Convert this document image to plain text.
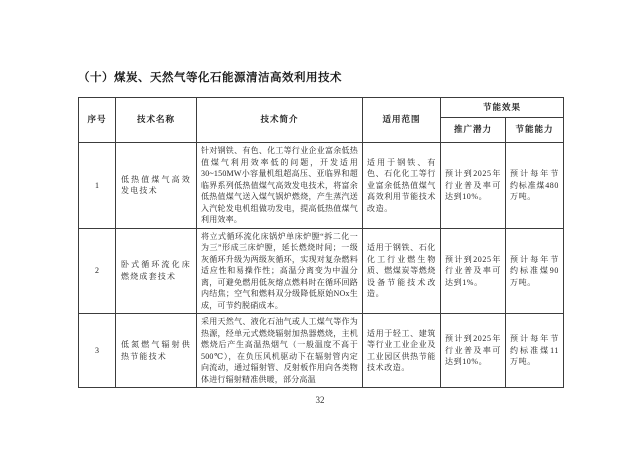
（十）煤炭、天然气等化石能源清洁高效利用技术
序号	技术名称	技术简介	适用范围	节能效果	
				推广潜力	节能能力
1	低热值煤气高效发电技术	针对钢铁、有色、化工等行业企业富余低热值煤气利用效率低的问题，开发适用30~150MW小容量机组超高压、亚临界和超临界系列低热值煤气高效发电技术，将富余低热值煤气送入煤气锅炉燃烧，产生蒸汽送入汽轮发电机组做功发电，提高低热值煤气利用效率。	适用于钢铁、有色、石化化工等行业富余低热值煤气高效利用节能技术改造。	预计到2025年行业普及率可达到10%。	预计每年节约标准煤480万吨。
2	卧式循环流化床燃烧成套技术	将立式循环流化床锅炉单床炉膛“拆二化一为三”形成三床炉膛，延长燃烧时间；一级灰循环升级为两级灰循环，实现对复杂燃料适应性和易操作性；高温分离变为中温分离，可避免燃用低灰熔点燃料时在循环回路内结焦；空气和燃料双分级降低原始NOx生成，可节约脱硝成本。	适用于钢铁、石化化工行业燃生物质、燃煤炭等燃烧设备节能技术改造。	预计到2025年行业普及率可达到1%。	预计每年节约标准煤90万吨。
3	低氮燃气辐射供热节能技术	采用天然气、液化石油气或人工煤气等作为热源，经单元式燃烧辐射加热器燃烧，主机燃烧后产生高温热烟气（一般温度不高于500℃），在负压风机驱动下在辐射管内定向流动，通过辐射管、反射板作用向各类物体进行辐射精准供暖，部分高温	适用于轻工、建筑等行业工业企业及工业园区供热节能技术改造。	预计到2025年行业普及率可达到10%。	预计每年节约标准煤11万吨。
32
